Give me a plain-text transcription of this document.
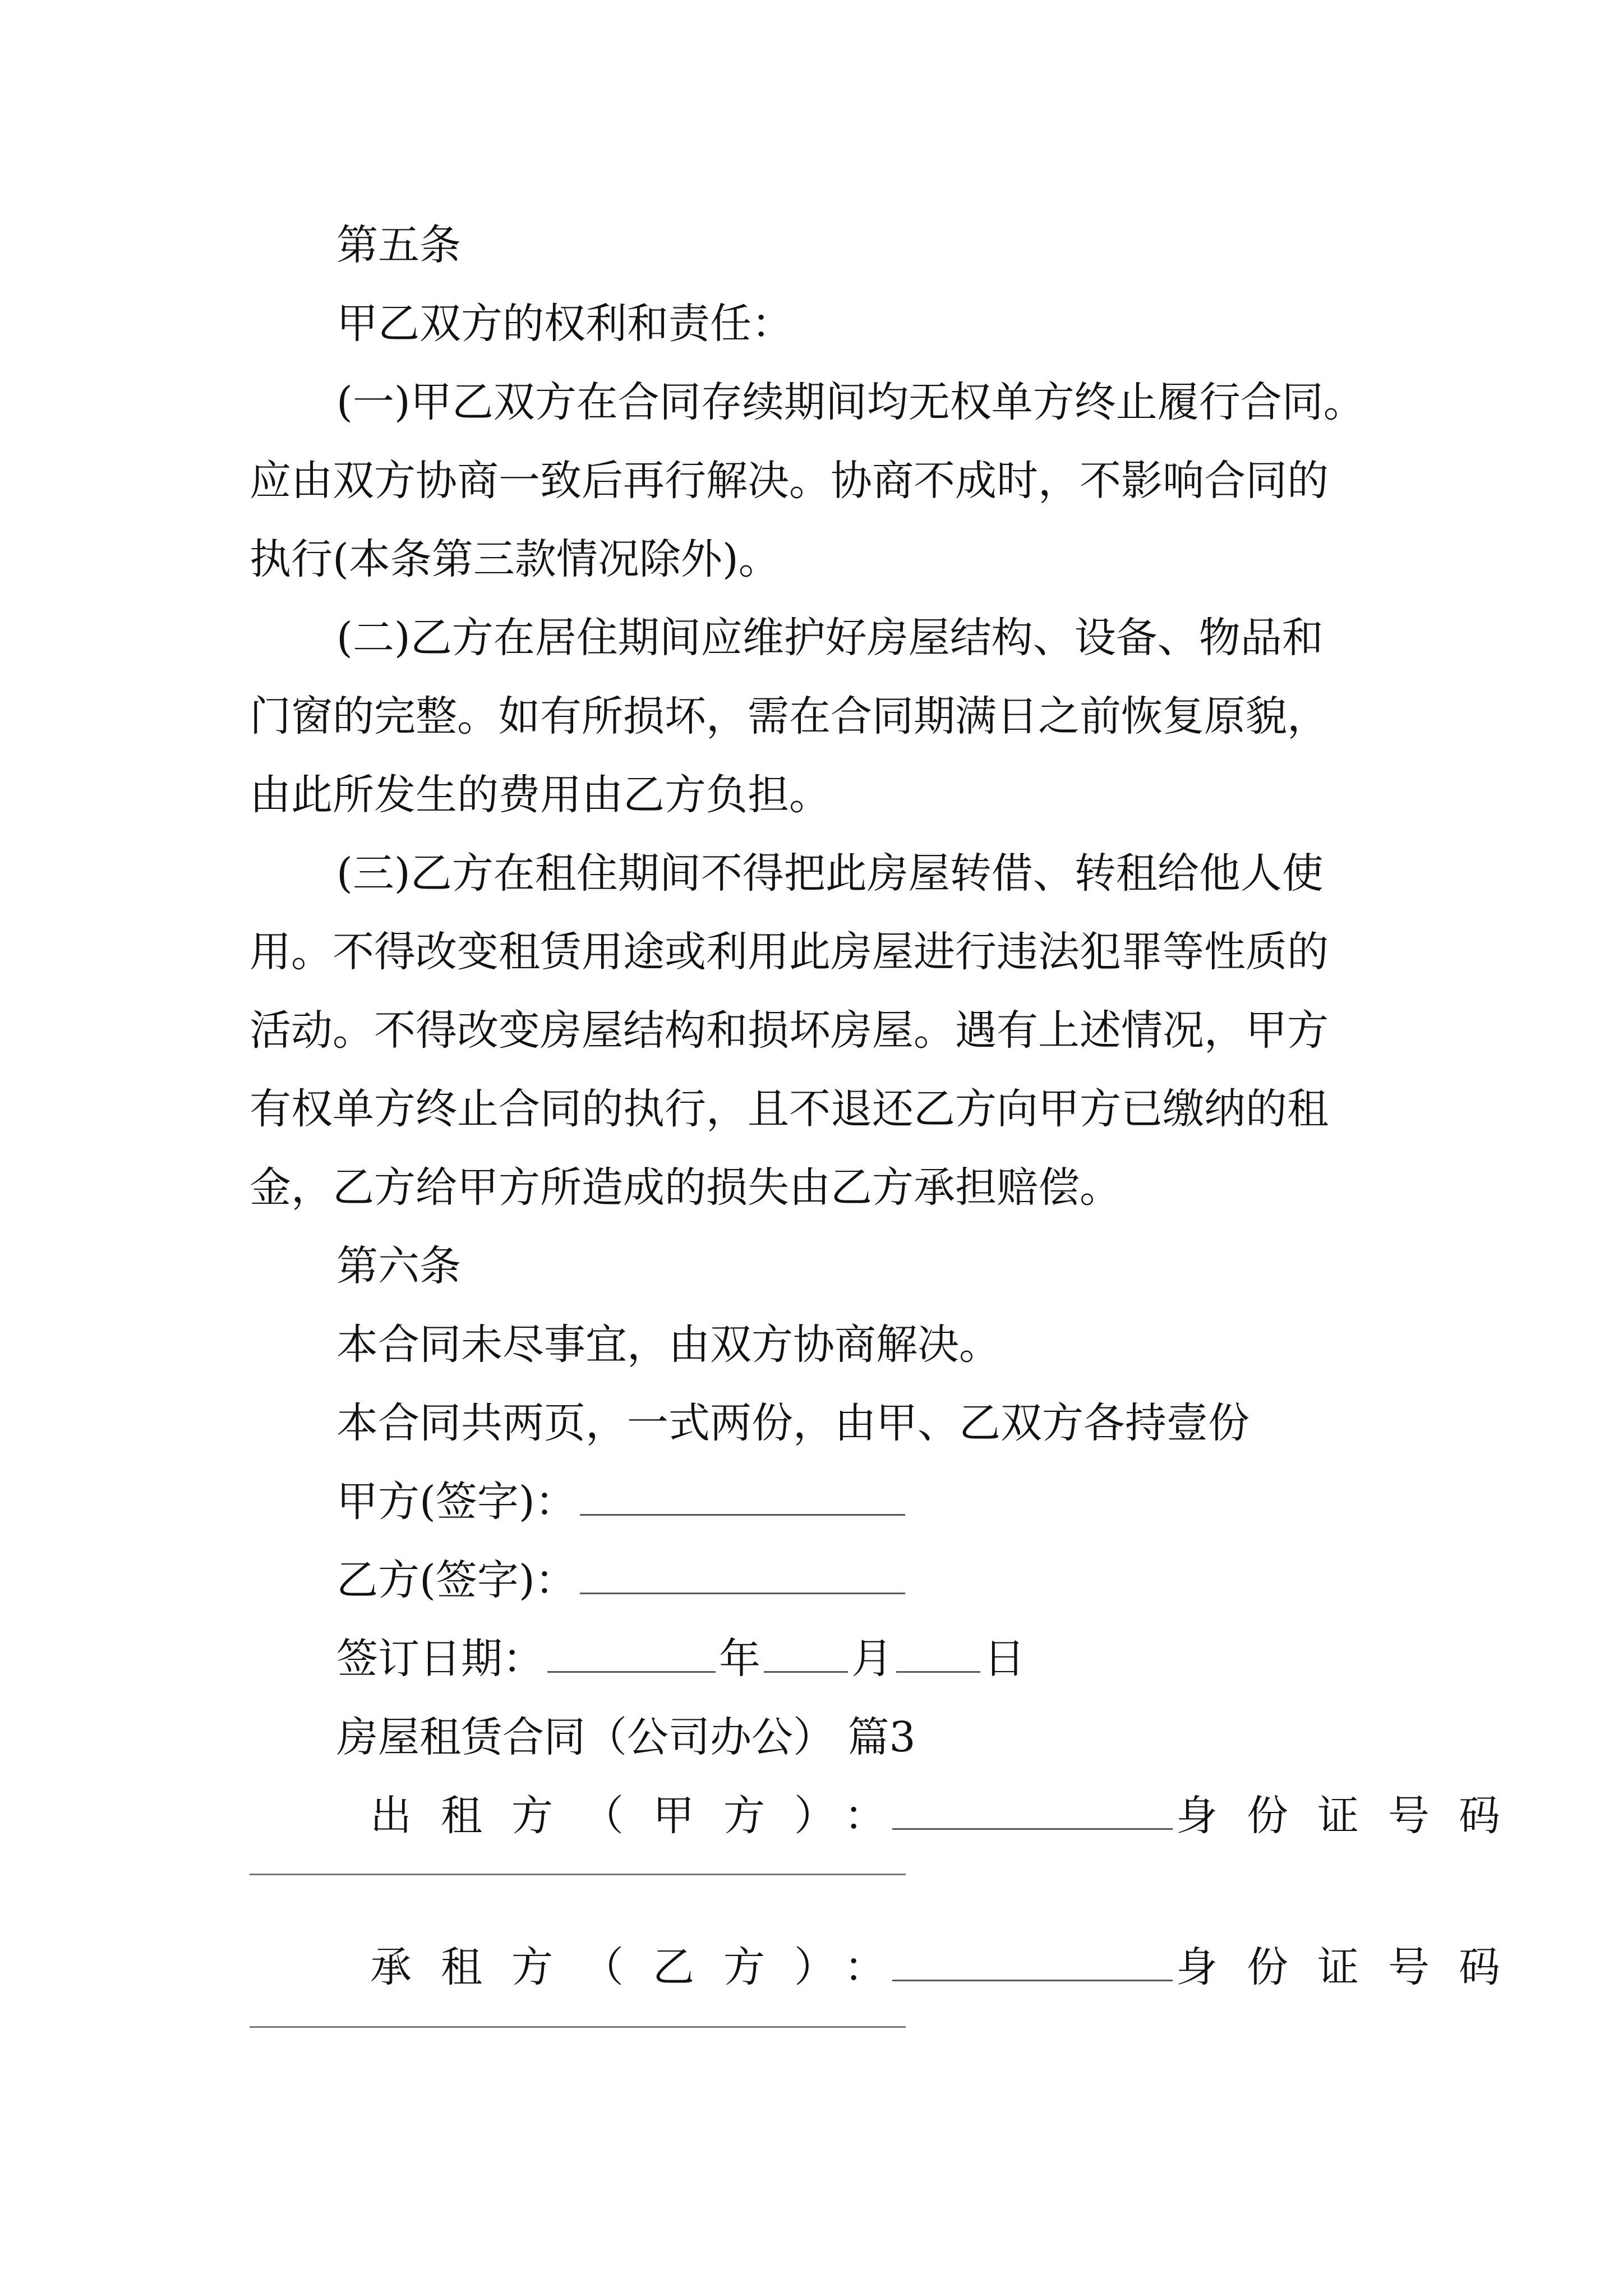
第五条

甲乙双方的权利和责任：

(一)甲乙双方在合同存续期间均无权单方终止履行合同。

应由双方协商一致后再行解决。协商不成时，不影响合同的

执行(本条第三款情况除外)。

(二)乙方在居住期间应维护好房屋结构、设备、物品和

门窗的完整。如有所损坏，需在合同期满日之前恢复原貌，

由此所发生的费用由乙方负担。

(三)乙方在租住期间不得把此房屋转借、转租给他人使

用。不得改变租赁用途或利用此房屋进行违法犯罪等性质的

活动。不得改变房屋结构和损坏房屋。遇有上述情况，甲方

有权单方终止合同的执行，且不退还乙方向甲方已缴纳的租

金，乙方给甲方所造成的损失由乙方承担赔偿。

第六条

本合同未尽事宜，由双方协商解决。

本合同共两页，一式两份，由甲、乙双方各持壹份

甲方(签字)：

乙方(签字)：

签订日期：	年 月 日

房屋租赁合同（公司办公） 篇3

出租方（甲方）：	身份证号码

承租方（乙方）：	身份证号码
